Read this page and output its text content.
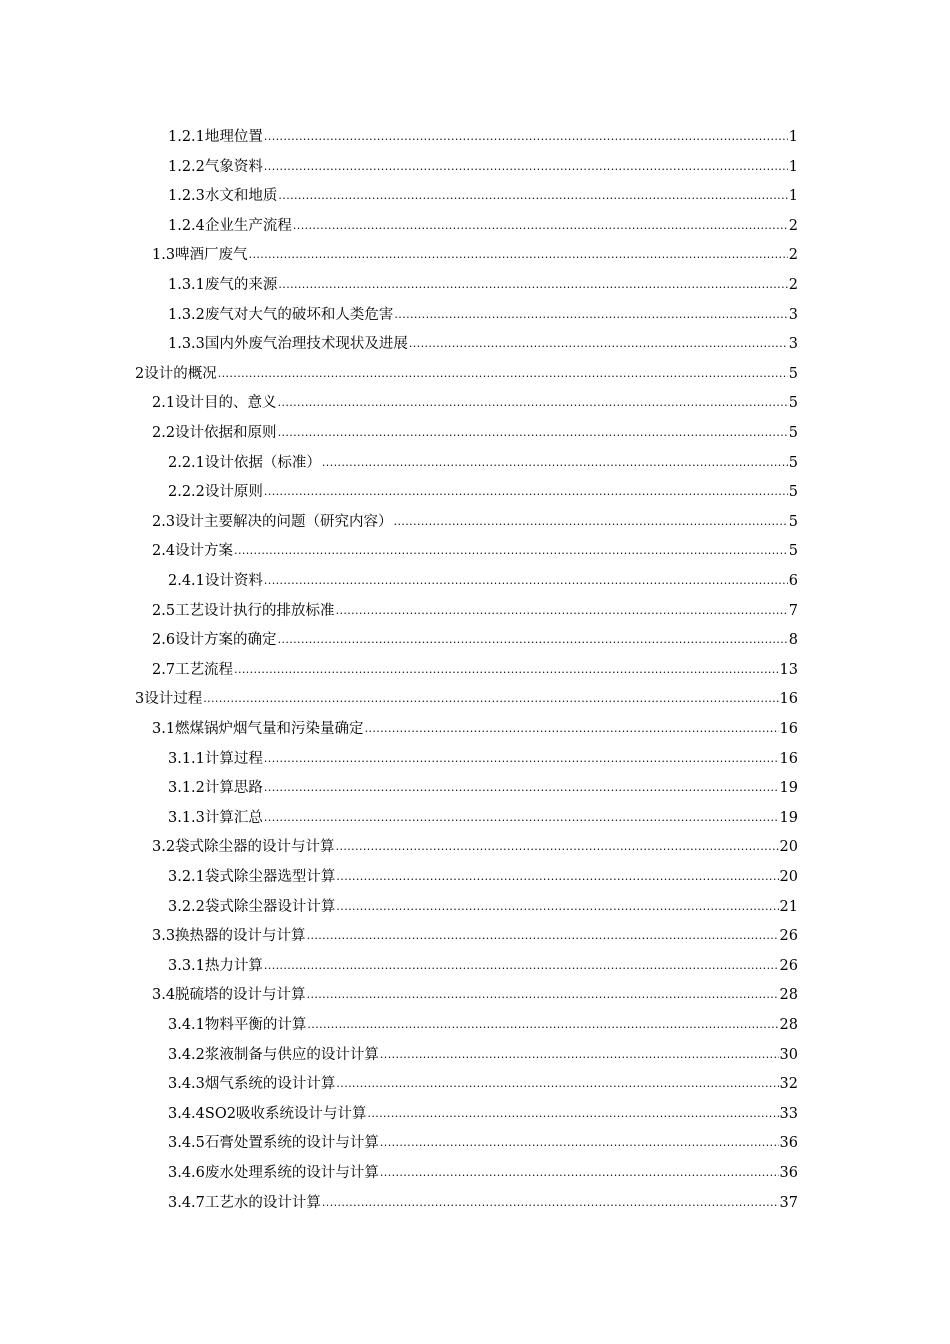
1.2.1地理位置 .....	1
1.2.2气象资料 .....	1
1.2.3水文和地质 .....	1
1.2.4企业生产流程 .....	2
1.3啤酒厂废气 .....	2
1.3.1废气的来源 .....	2
1.3.2废气对大气的破坏和人类危害 .....	3
1.3.3国内外废气治理技术现状及进展 .....	3
2设计的概况 .....	5
2.1设计目的、意义 .....	5
2.2设计依据和原则 .....	5
2.2.1设计依据（标准） .....	5
2.2.2设计原则 .....	5
2.3设计主要解决的问题（研究内容） .....	5
2.4设计方案 .....	5
2.4.1设计资料 .....	6
2.5工艺设计执行的排放标准 .....	7
2.6设计方案的确定 .....	8
2.7工艺流程 .....	13
3设计过程 .....	16
3.1燃煤锅炉烟气量和污染量确定 .....	16
3.1.1计算过程 .....	16
3.1.2计算思路 .....	19
3.1.3计算汇总 .....	19
3.2袋式除尘器的设计与计算 .....	20
3.2.1袋式除尘器选型计算 .....	20
3.2.2袋式除尘器设计计算 .....	21
3.3换热器的设计与计算 .....	26
3.3.1热力计算 .....	26
3.4脱硫塔的设计与计算 .....	28
3.4.1物料平衡的计算 .....	28
3.4.2浆液制备与供应的设计计算 .....	30
3.4.3烟气系统的设计计算 .....	32
3.4.4SO2吸收系统设计与计算 .....	33
3.4.5石膏处置系统的设计与计算 .....	36
3.4.6废水处理系统的设计与计算 .....	36
3.4.7工艺水的设计计算 .....	37
